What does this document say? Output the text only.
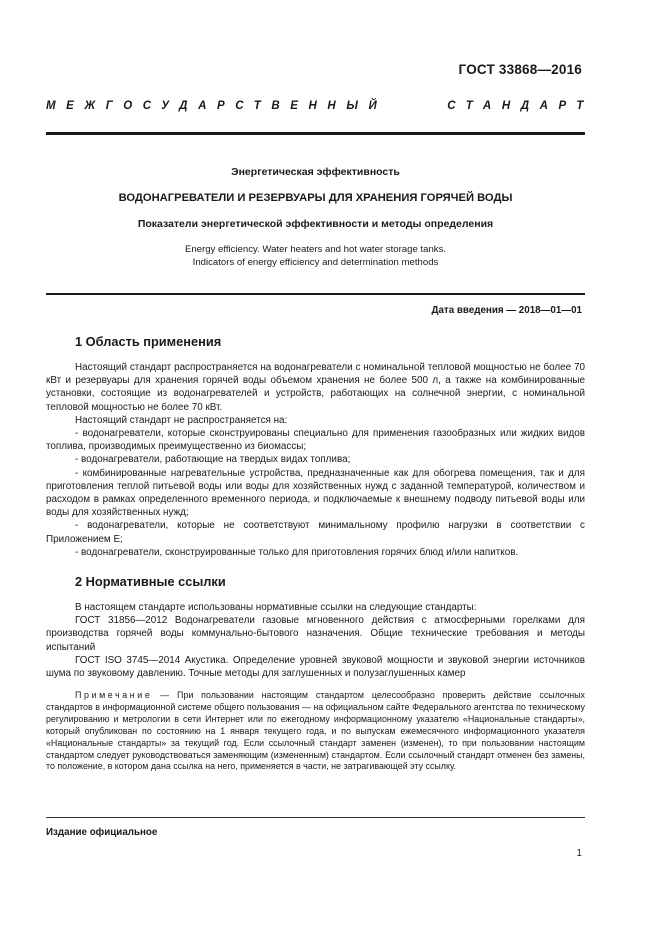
ГОСТ 33868—2016
МЕЖГОСУДАРСТВЕННЫЙ	СТАНДАРТ
Энергетическая эффективность
ВОДОНАГРЕВАТЕЛИ И РЕЗЕРВУАРЫ ДЛЯ ХРАНЕНИЯ ГОРЯЧЕЙ ВОДЫ
Показатели энергетической эффективности и методы определения
Energy efficiency. Water heaters and hot water storage tanks.
Indicators of energy efficiency and determination methods
Дата введения — 2018—01—01
1 Область применения

Настоящий стандарт распространяется на водонагреватели с номинальной тепловой мощностью не более 70 кВт и резервуары для хранения горячей воды объемом хранения не более 500 л, а также на комбинированные установки, состоящие из водонагревателей и устройств, работающих на солнечной энергии, с номинальной тепловой мощностью не более 70 кВт.

Настоящий стандарт не распространяется на:

- водонагреватели, которые сконструированы специально для применения газообразных или жидких видов топлива, производимых преимущественно из биомассы;

- водонагреватели, работающие на твердых видах топлива;

- комбинированные нагревательные устройства, предназначенные как для обогрева помещения, так и для приготовления теплой питьевой воды или воды для хозяйственных нужд с заданной температурой, количеством и расходом в рамках определенного временного периода, и подключаемые к внешнему подводу питьевой воды или воды для хозяйственных нужд;

- водонагреватели, которые не соответствуют минимальному профилю нагрузки в соответствии с Приложением Е;

- водонагреватели, сконструированные только для приготовления горячих блюд и/или напитков.

2 Нормативные ссылки

В настоящем стандарте использованы нормативные ссылки на следующие стандарты:

ГОСТ 31856—2012 Водонагреватели газовые мгновенного действия с атмосферными горелками для производства горячей воды коммунально-бытового назначения. Общие технические требования и методы испытаний

ГОСТ ISO 3745—2014 Акустика. Определение уровней звуковой мощности и звуковой энергии источников шума по звуковому давлению. Точные методы для заглушенных и полузаглушенных камер

Примечание — При пользовании настоящим стандартом целесообразно проверить действие ссылочных стандартов в информационной системе общего пользования — на официальном сайте Федерального агентства по техническому регулированию и метрологии в сети Интернет или по ежегодному информационному указателю «Национальные стандарты», который опубликован по состоянию на 1 января текущего года, и по выпускам ежемесячного информационного указателя «Национальные стандарты» за текущий год. Если ссылочный стандарт заменен (изменен), то при пользовании настоящим стандартом следует руководствоваться заменяющим (измененным) стандартом. Если ссылочный стандарт отменен без замены, то положение, в котором дана ссылка на него, применяется в части, не затрагивающей эту ссылку.

Издание официальное
1
